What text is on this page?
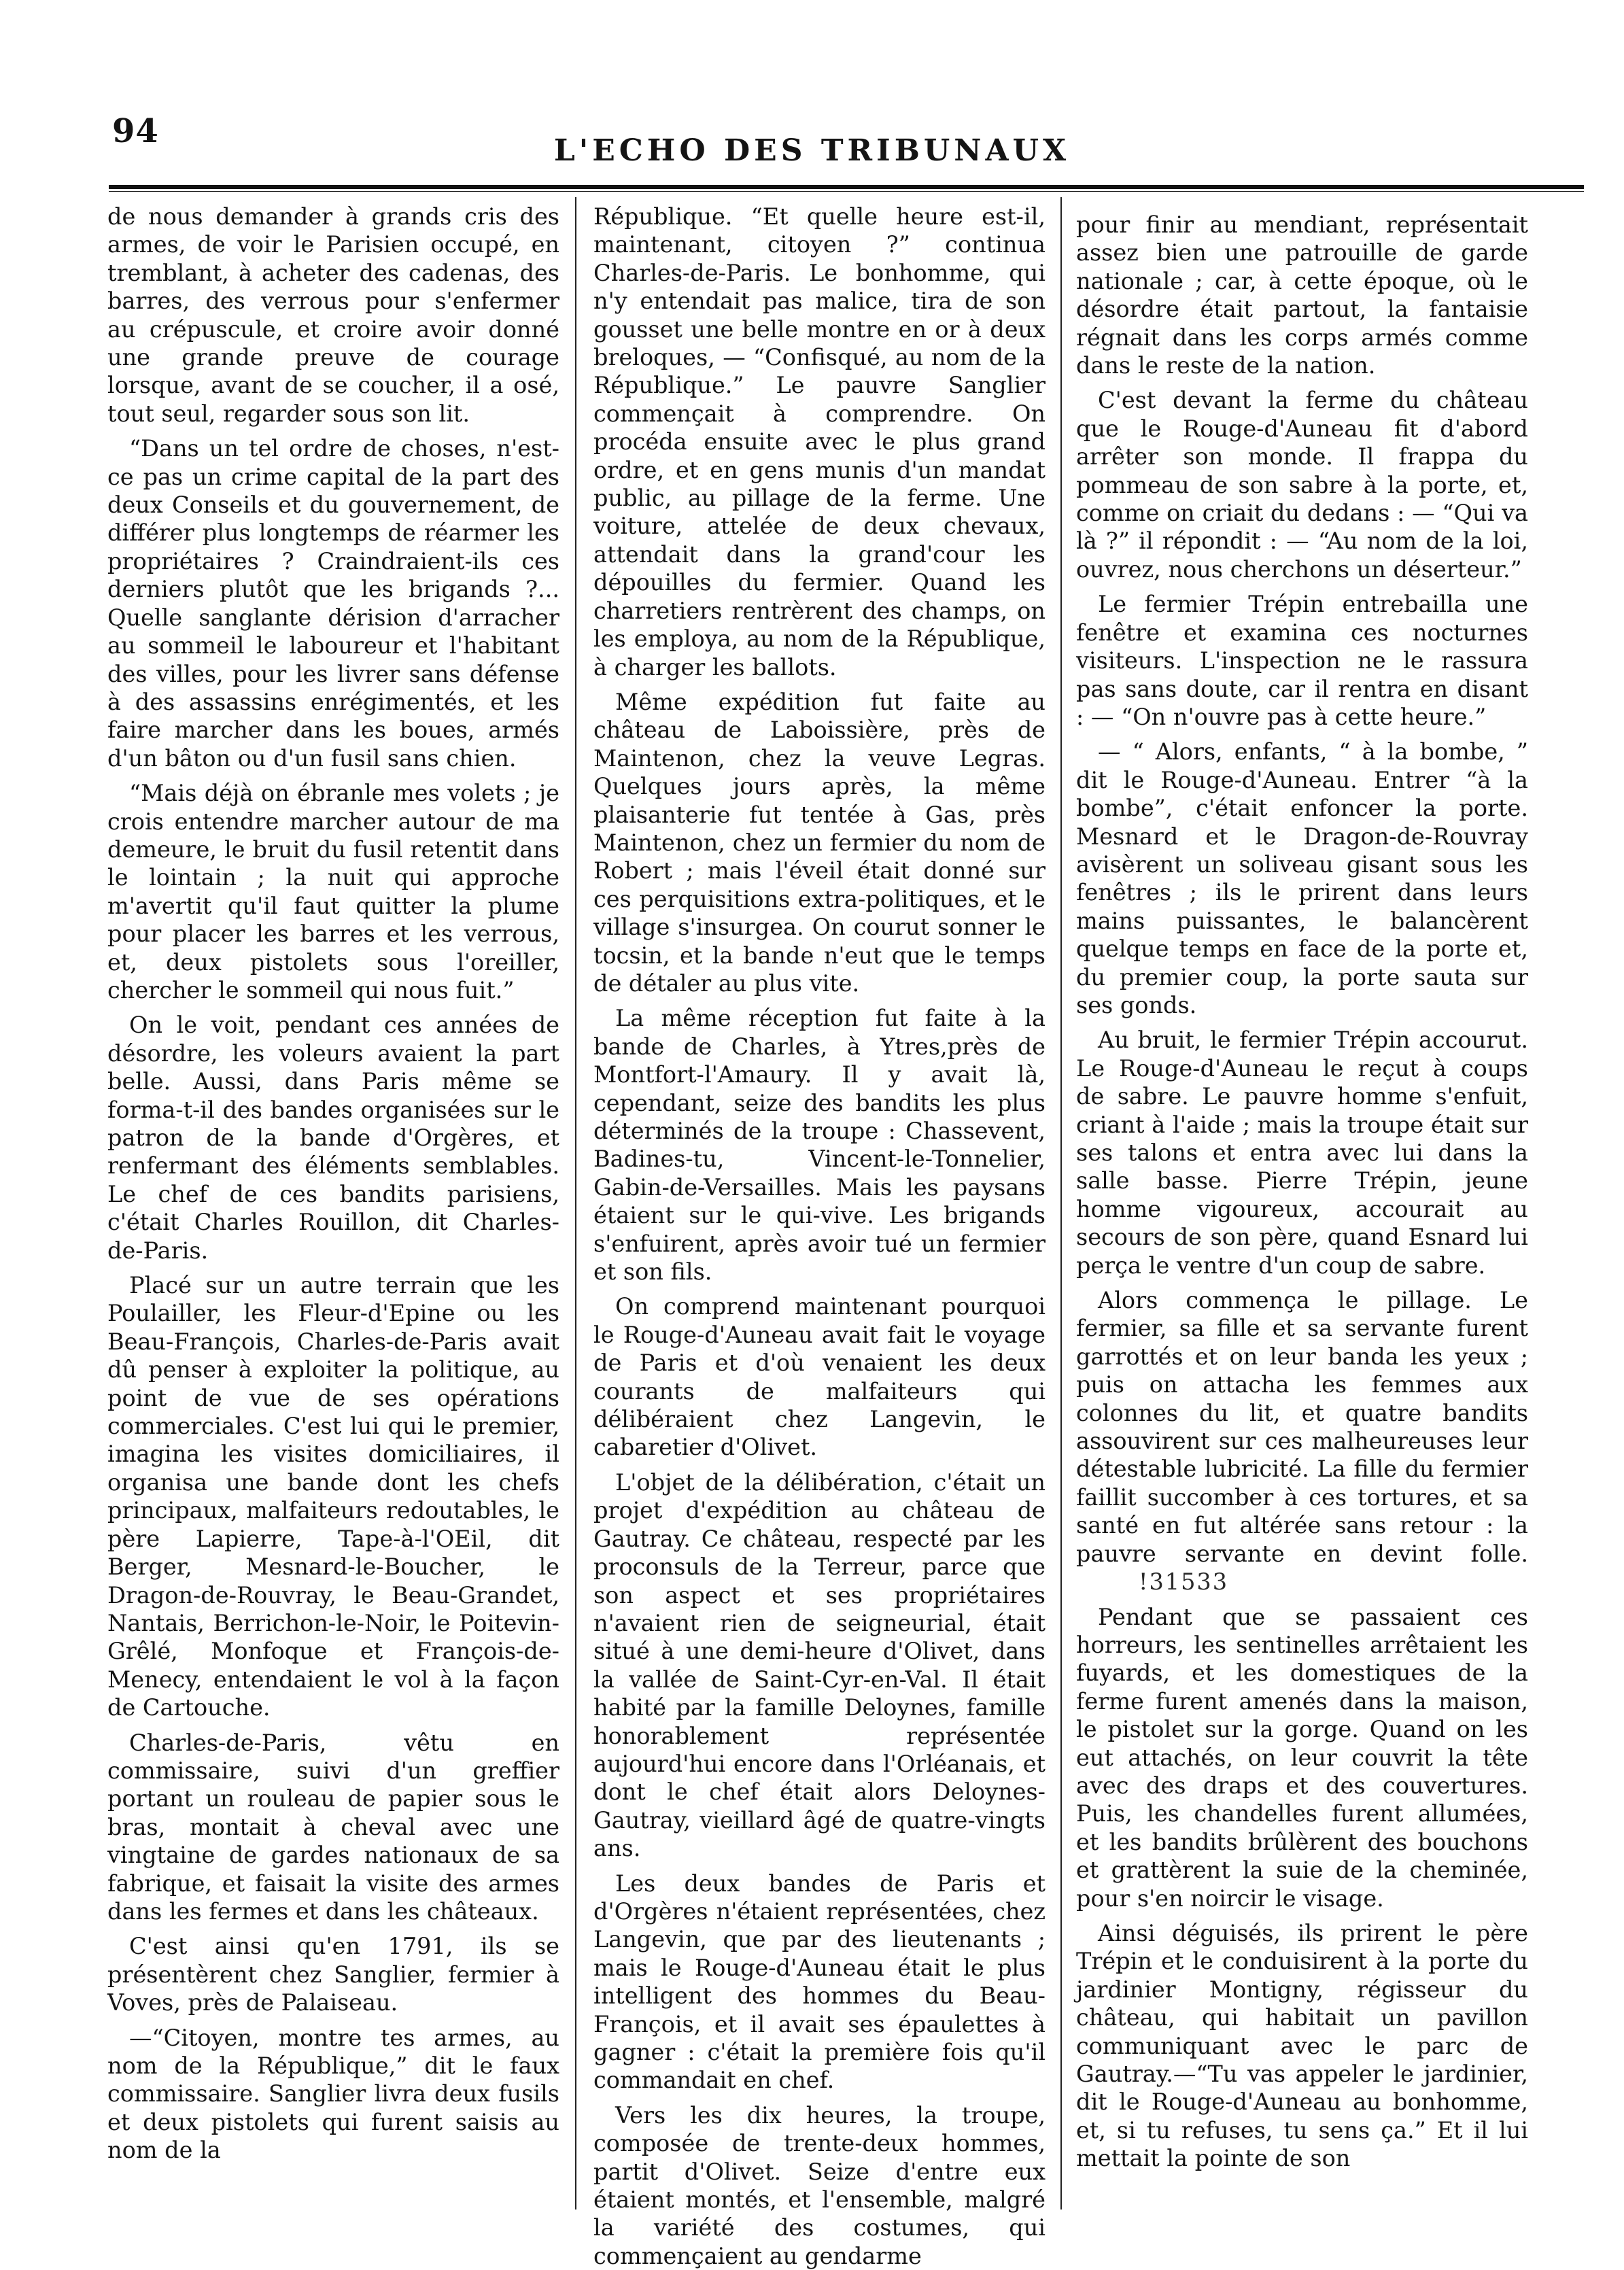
94
L'ECHO DES TRIBUNAUX

de nous demander à grands cris des armes, de voir le Parisien occupé, en tremblant, à acheter des cadenas, des barres, des verrous pour s'enfermer au crépuscule, et croire avoir donné une grande preuve de courage lorsque, avant de se coucher, il a osé, tout seul, regarder sous son lit.

“Dans un tel ordre de choses, n'est-ce pas un crime capital de la part des deux Conseils et du gouvernement, de différer plus longtemps de réarmer les propriétaires ? Craindraient-ils ces derniers plutôt que les brigands ?... Quelle sanglante dérision d'arracher au sommeil le laboureur et l'habitant des villes, pour les livrer sans défense à des assassins enrégimentés, et les faire marcher dans les boues, armés d'un bâton ou d'un fusil sans chien.

“Mais déjà on ébranle mes volets ; je crois entendre marcher autour de ma demeure, le bruit du fusil retentit dans le lointain ; la nuit qui approche m'avertit qu'il faut quitter la plume pour placer les barres et les verrous, et, deux pistolets sous l'oreiller, chercher le sommeil qui nous fuit.”

On le voit, pendant ces années de désordre, les voleurs avaient la part belle. Aussi, dans Paris même se forma-t-il des bandes organisées sur le patron de la bande d'Orgères, et renfermant des éléments semblables. Le chef de ces bandits parisiens, c'était Charles Rouillon, dit Charles-de-Paris.

Placé sur un autre terrain que les Poulailler, les Fleur-d'Epine ou les Beau-François, Charles-de-Paris avait dû penser à exploiter la politique, au point de vue de ses opérations commerciales. C'est lui qui le premier, imagina les visites domiciliaires, il organisa une bande dont les chefs principaux, malfaiteurs redoutables, le père Lapierre, Tape-à-l'OEil, dit Berger, Mesnard-le-Boucher, le Dragon-de-Rouvray, le Beau-Grandet, Nantais, Berrichon-le-Noir, le Poitevin-Grêlé, Monfoque et François-de-Menecy, entendaient le vol à la façon de Cartouche.

Charles-de-Paris, vêtu en commissaire, suivi d'un greffier portant un rouleau de papier sous le bras, montait à cheval avec une vingtaine de gardes nationaux de sa fabrique, et faisait la visite des armes dans les fermes et dans les châteaux.

C'est ainsi qu'en 1791, ils se présentèrent chez Sanglier, fermier à Voves, près de Palaiseau.

—“Citoyen, montre tes armes, au nom de la République,” dit le faux commissaire. Sanglier livra deux fusils et deux pistolets qui furent saisis au nom de la

République. “Et quelle heure est-il, maintenant, citoyen ?” continua Charles-de-Paris. Le bonhomme, qui n'y entendait pas malice, tira de son gousset une belle montre en or à deux breloques, — “Confisqué, au nom de la République.” Le pauvre Sanglier commençait à comprendre. On procéda ensuite avec le plus grand ordre, et en gens munis d'un mandat public, au pillage de la ferme. Une voiture, attelée de deux chevaux, attendait dans la grand'cour les dépouilles du fermier. Quand les charretiers rentrèrent des champs, on les employa, au nom de la République, à charger les ballots.

Même expédition fut faite au château de Laboissière, près de Maintenon, chez la veuve Legras. Quelques jours après, la même plaisanterie fut tentée à Gas, près Maintenon, chez un fermier du nom de Robert ; mais l'éveil était donné sur ces perquisitions extra-politiques, et le village s'insurgea. On courut sonner le tocsin, et la bande n'eut que le temps de détaler au plus vite.

La même réception fut faite à la bande de Charles, à Ytres,près de Montfort-l'Amaury. Il y avait là, cependant, seize des bandits les plus déterminés de la troupe : Chassevent, Badines-tu, Vincent-le-Tonnelier, Gabin-de-Versailles. Mais les paysans étaient sur le qui-vive. Les brigands s'enfuirent, après avoir tué un fermier et son fils.

On comprend maintenant pourquoi le Rouge-d'Auneau avait fait le voyage de Paris et d'où venaient les deux courants de malfaiteurs qui délibéraient chez Langevin, le cabaretier d'Olivet.

L'objet de la délibération, c'était un projet d'expédition au château de Gautray. Ce château, respecté par les proconsuls de la Terreur, parce que son aspect et ses propriétaires n'avaient rien de seigneurial, était situé à une demi-heure d'Olivet, dans la vallée de Saint-Cyr-en-Val. Il était habité par la famille Deloynes, famille honorablement représentée aujourd'hui encore dans l'Orléanais, et dont le chef était alors Deloynes-Gautray, vieillard âgé de quatre-vingts ans.

Les deux bandes de Paris et d'Orgères n'étaient représentées, chez Langevin, que par des lieutenants ; mais le Rouge-d'Auneau était le plus intelligent des hommes du Beau-François, et il avait ses épaulettes à gagner : c'était la première fois qu'il commandait en chef.

Vers les dix heures, la troupe, composée de trente-deux hommes, partit d'Olivet. Seize d'entre eux étaient montés, et l'ensemble, malgré la variété des costumes, qui commençaient au gendarme

pour finir au mendiant, représentait assez bien une patrouille de garde nationale ; car, à cette époque, où le désordre était partout, la fantaisie régnait dans les corps armés comme dans le reste de la nation.

C'est devant la ferme du château que le Rouge-d'Auneau fit d'abord arrêter son monde. Il frappa du pommeau de son sabre à la porte, et, comme on criait du dedans : — “Qui va là ?” il répondit : — “Au nom de la loi, ouvrez, nous cherchons un déserteur.”

Le fermier Trépin entrebailla une fenêtre et examina ces nocturnes visiteurs. L'inspection ne le rassura pas sans doute, car il rentra en disant : — “On n'ouvre pas à cette heure.”

— “ Alors, enfants, “ à la bombe, ” dit le Rouge-d'Auneau. Entrer “à la bombe”, c'était enfoncer la porte. Mesnard et le Dragon-de-Rouvray avisèrent un soliveau gisant sous les fenêtres ; ils le prirent dans leurs mains puissantes, le balancèrent quelque temps en face de la porte et, du premier coup, la porte sauta sur ses gonds.

Au bruit, le fermier Trépin accourut. Le Rouge-d'Auneau le reçut à coups de sabre. Le pauvre homme s'enfuit, criant à l'aide ; mais la troupe était sur ses talons et entra avec lui dans la salle basse. Pierre Trépin, jeune homme vigoureux, accourait au secours de son père, quand Esnard lui perça le ventre d'un coup de sabre.

Alors commença le pillage. Le fermier, sa fille et sa servante furent garrottés et on leur banda les yeux ; puis on attacha les femmes aux colonnes du lit, et quatre bandits assouvirent sur ces malheureuses leur détestable lubricité. La fille du fermier faillit succomber à ces tortures, et sa santé en fut altérée sans retour : la pauvre servante en devint folle.!31533

Pendant que se passaient ces horreurs, les sentinelles arrêtaient les fuyards, et les domestiques de la ferme furent amenés dans la maison, le pistolet sur la gorge. Quand on les eut attachés, on leur couvrit la tête avec des draps et des couvertures. Puis, les chandelles furent allumées, et les bandits brûlèrent des bouchons et grattèrent la suie de la cheminée, pour s'en noircir le visage.

Ainsi déguisés, ils prirent le père Trépin et le conduisirent à la porte du jardinier Montigny, régisseur du château, qui habitait un pavillon communiquant avec le parc de Gautray.—“Tu vas appeler le jardinier, dit le Rouge-d'Auneau au bonhomme, et, si tu refuses, tu sens ça.” Et il lui mettait la pointe de son
